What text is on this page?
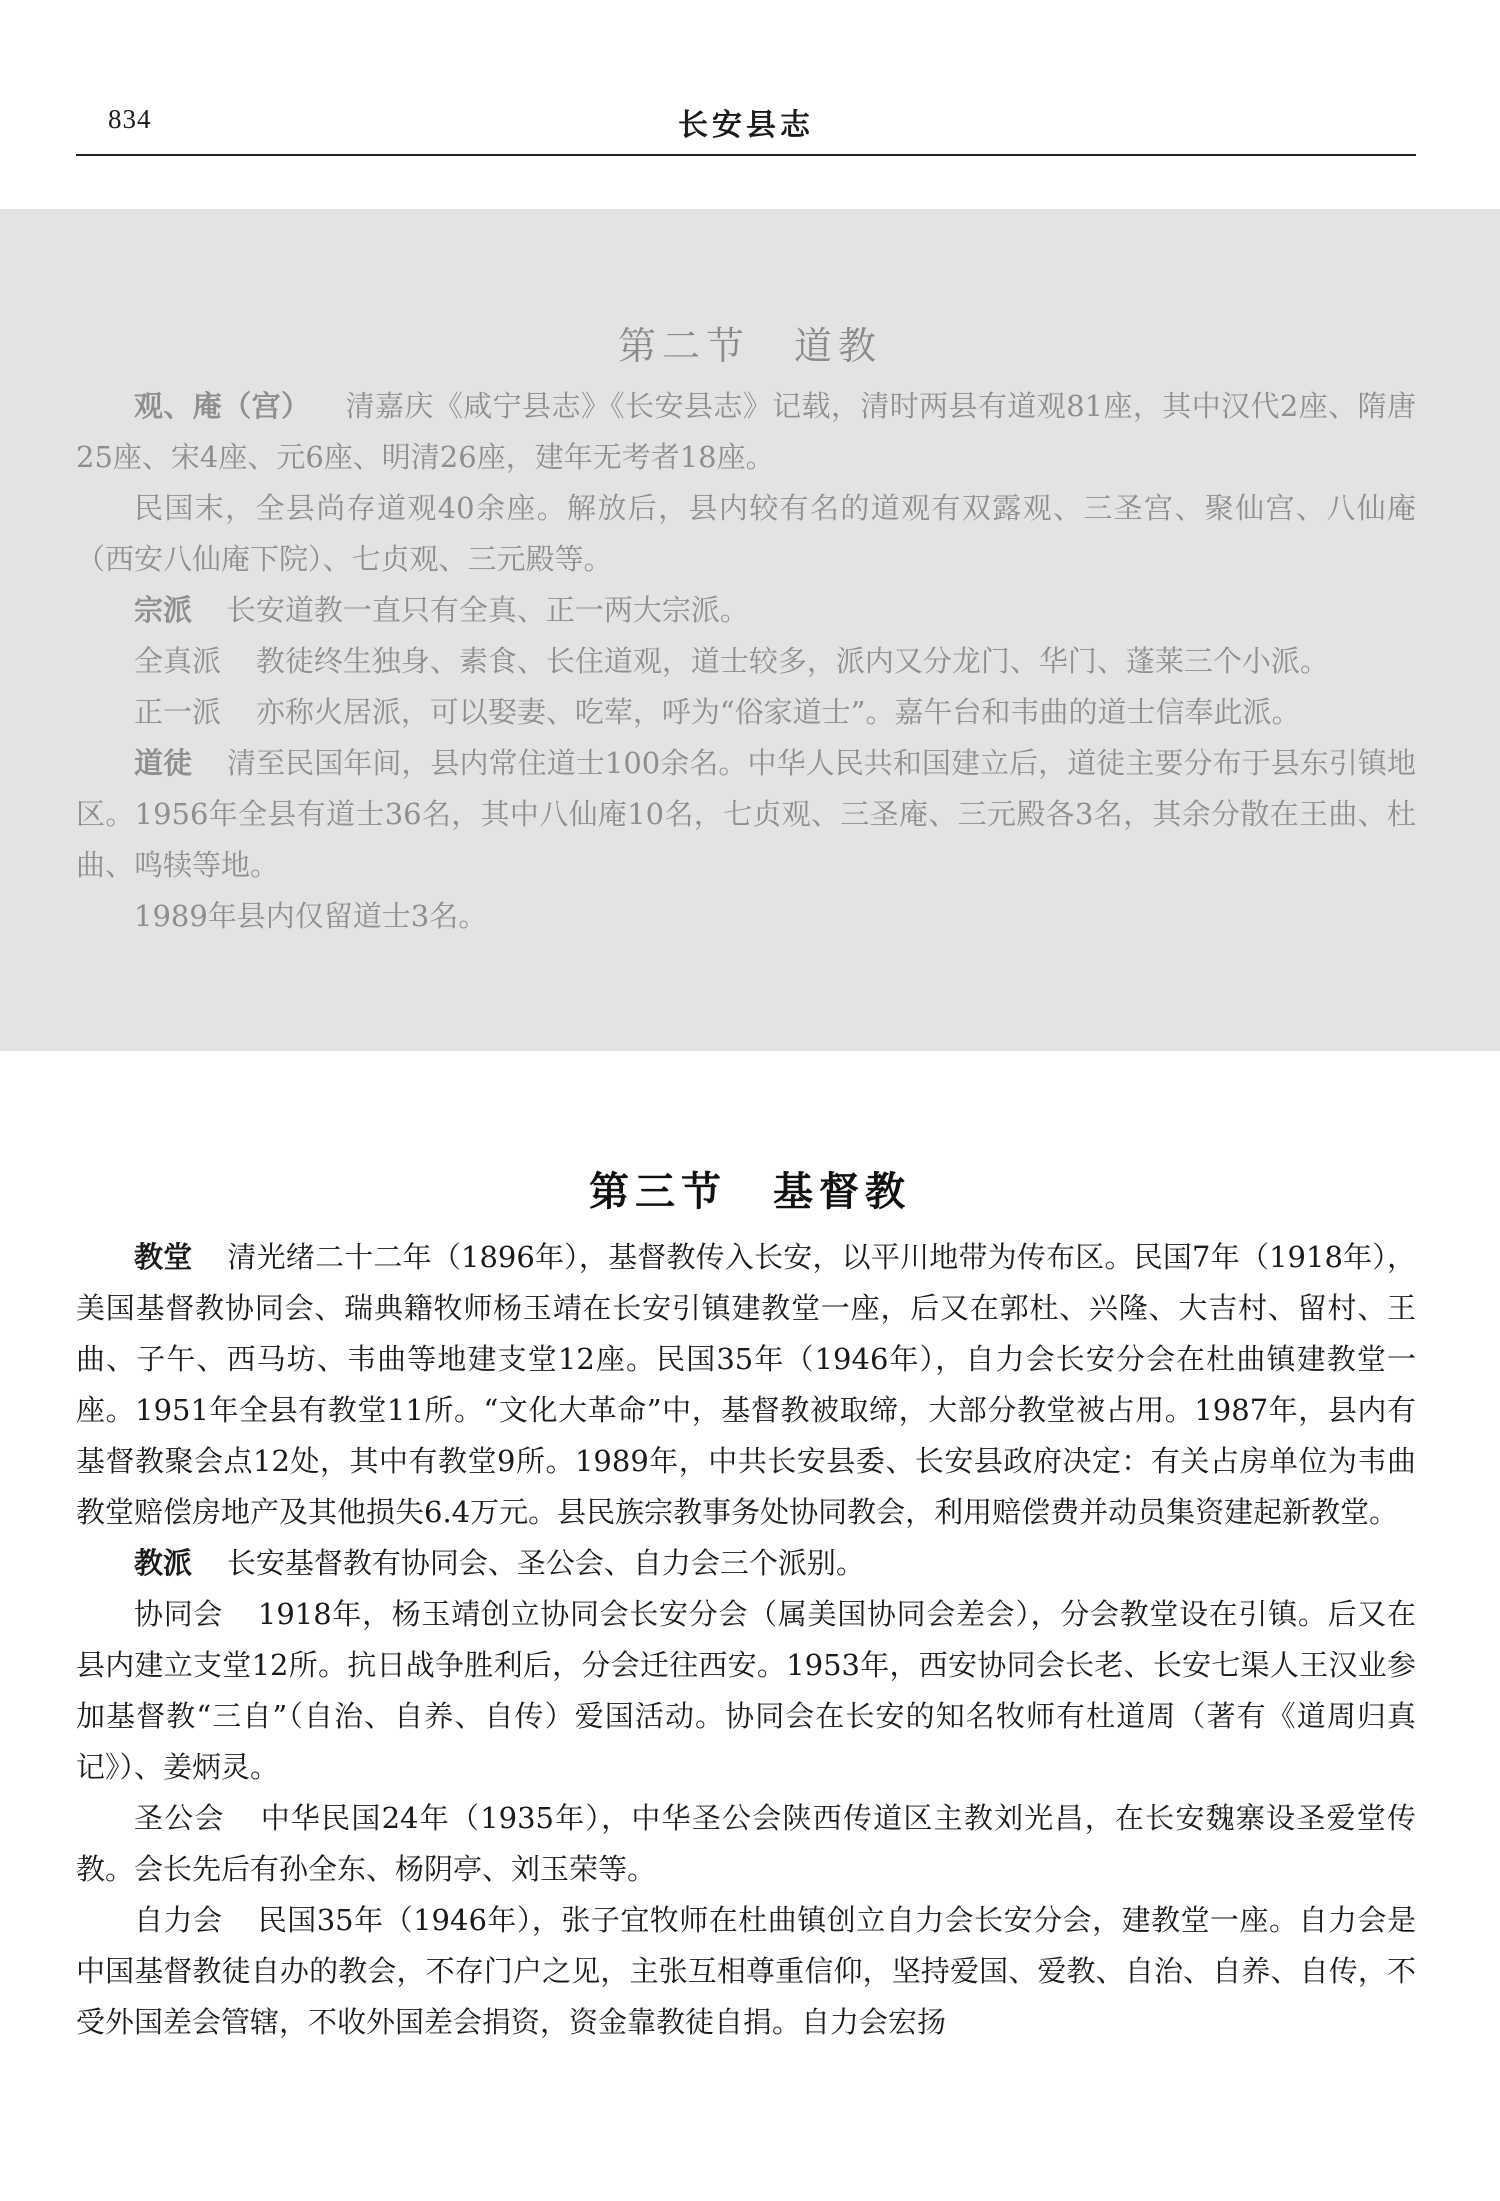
834	长安县志
第二节　道教

观、庵（宫） 清嘉庆《咸宁县志》《长安县志》记载，清时两县有道观81座，其中汉代2座、隋唐25座、宋4座、元6座、明清26座，建年无考者18座。

民国末，全县尚存道观40余座。解放后，县内较有名的道观有双露观、三圣宫、聚仙宫、八仙庵（西安八仙庵下院）、七贞观、三元殿等。

宗派 长安道教一直只有全真、正一两大宗派。

全真派 教徒终生独身、素食、长住道观，道士较多，派内又分龙门、华门、蓬莱三个小派。

正一派 亦称火居派，可以娶妻、吃荤，呼为“俗家道士”。嘉午台和韦曲的道士信奉此派。

道徒 清至民国年间，县内常住道士100余名。中华人民共和国建立后，道徒主要分布于县东引镇地区。1956年全县有道士36名，其中八仙庵10名，七贞观、三圣庵、三元殿各3名，其余分散在王曲、杜曲、鸣犊等地。

1989年县内仅留道士3名。

第三节　基督教

教堂 清光绪二十二年（1896年），基督教传入长安，以平川地带为传布区。民国7年（1918年），美国基督教协同会、瑞典籍牧师杨玉靖在长安引镇建教堂一座，后又在郭杜、兴隆、大吉村、留村、王曲、子午、西马坊、韦曲等地建支堂12座。民国35年（1946年），自力会长安分会在杜曲镇建教堂一座。1951年全县有教堂11所。“文化大革命”中，基督教被取缔，大部分教堂被占用。1987年，县内有基督教聚会点12处，其中有教堂9所。1989年，中共长安县委、长安县政府决定：有关占房单位为韦曲教堂赔偿房地产及其他损失6.4万元。县民族宗教事务处协同教会，利用赔偿费并动员集资建起新教堂。

教派 长安基督教有协同会、圣公会、自力会三个派别。

协同会 1918年，杨玉靖创立协同会长安分会（属美国协同会差会），分会教堂设在引镇。后又在县内建立支堂12所。抗日战争胜利后，分会迁往西安。1953年，西安协同会长老、长安七渠人王汉业参加基督教“三自”（自治、自养、自传）爱国活动。协同会在长安的知名牧师有杜道周（著有《道周归真记》）、姜炳灵。

圣公会 中华民国24年（1935年），中华圣公会陕西传道区主教刘光昌，在长安魏寨设圣爱堂传教。会长先后有孙全东、杨阴亭、刘玉荣等。

自力会 民国35年（1946年），张子宜牧师在杜曲镇创立自力会长安分会，建教堂一座。自力会是中国基督教徒自办的教会，不存门户之见，主张互相尊重信仰，坚持爱国、爱教、自治、自养、自传，不受外国差会管辖，不收外国差会捐资，资金靠教徒自捐。自力会宏扬
